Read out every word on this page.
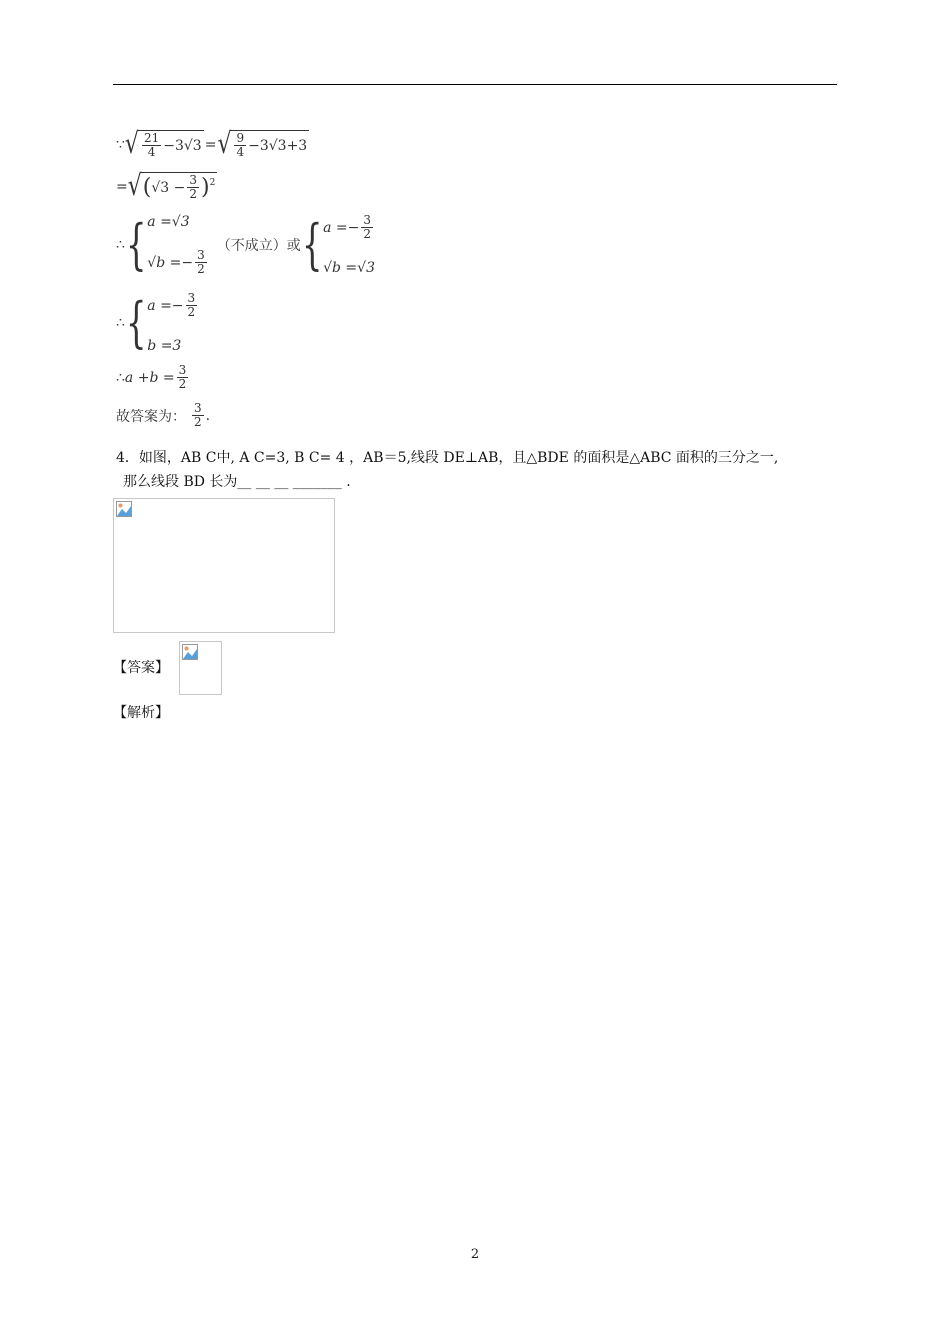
∵ √ $\frac{21}{4} -3√3$ = √ $\frac{9}{4} -3√3+3$
= √ ( $√3 - \frac{3}{2}$ ) 2
∴ { a =√3
$√b =- \frac{3}{2}$
（不成立）或 { $a =- \frac{3}{2}$
√b =√3
∴ { $a =- \frac{3}{2}$
b =3
∴ $a +b = \frac{3}{2}$
故答案为： $\frac{3}{2}$ .
4．如图，AB C中, A C=3, B C= 4 ，AB＝5,线段 DE⊥AB，且△BDE 的面积是△ABC 面积的三分之一,
那么线段 BD 长为__ __ __ _______ .
【答案】
【解析】
2
